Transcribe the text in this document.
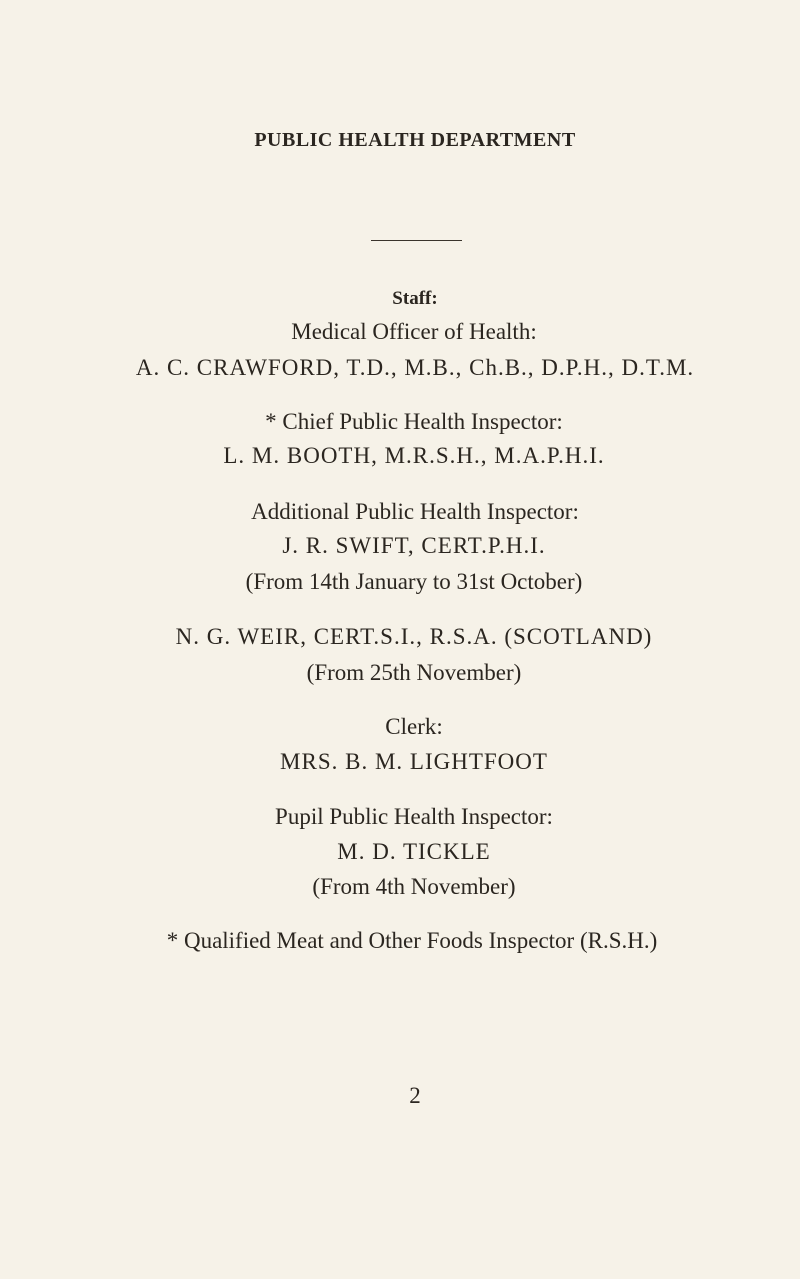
PUBLIC HEALTH DEPARTMENT
Staff:
Medical Officer of Health:
A. C. CRAWFORD, T.D., M.B., Ch.B., D.P.H., D.T.M.
* Chief Public Health Inspector:
L. M. BOOTH, M.R.S.H., M.A.P.H.I.
Additional Public Health Inspector:
J. R. SWIFT, CERT.P.H.I.
(From 14th January to 31st October)
N. G. WEIR, CERT.S.I., R.S.A. (SCOTLAND)
(From 25th November)
Clerk:
MRS. B. M. LIGHTFOOT
Pupil Public Health Inspector:
M. D. TICKLE
(From 4th November)
* Qualified Meat and Other Foods Inspector (R.S.H.)
2
